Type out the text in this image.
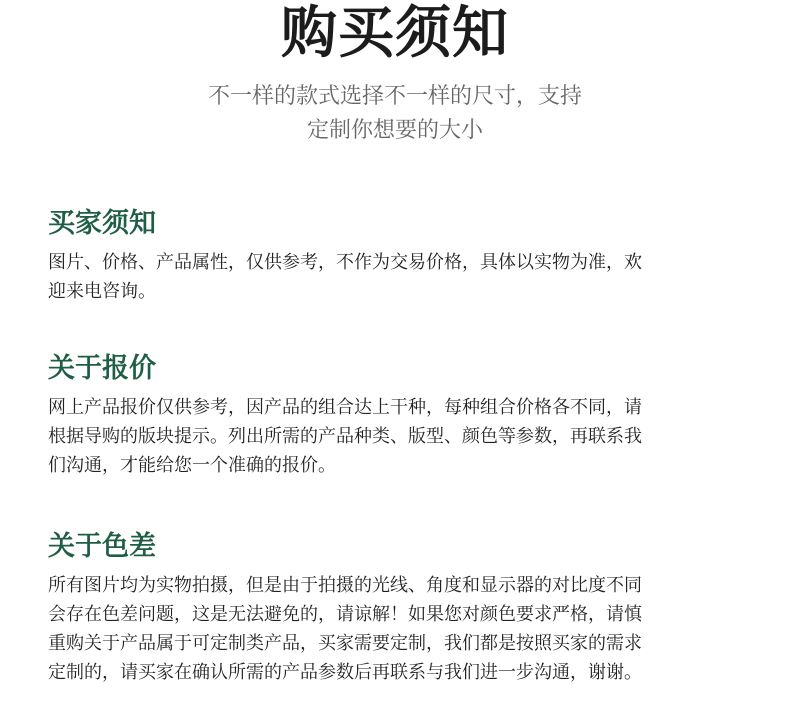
购买须知

不一样的款式选择不一样的尺寸，支持
定制你想要的大小

买家须知

图片、价格、产品属性，仅供参考，不作为交易价格，具体以实物为准，欢
迎来电咨询。

关于报价

网上产品报价仅供参考，因产品的组合达上干种，每种组合价格各不同，请
根据导购的版块提示。列出所需的产品种类、版型、颜色等参数，再联系我
们沟通，才能给您一个准确的报价。

关于色差

所有图片均为实物拍摄，但是由于拍摄的光线、角度和显示器的对比度不同
会存在色差问题，这是无法避免的，请谅解！如果您对颜色要求严格，请慎
重购关于产品属于可定制类产品，买家需要定制，我们都是按照买家的需求
定制的，请买家在确认所需的产品参数后再联系与我们进一步沟通，谢谢。
